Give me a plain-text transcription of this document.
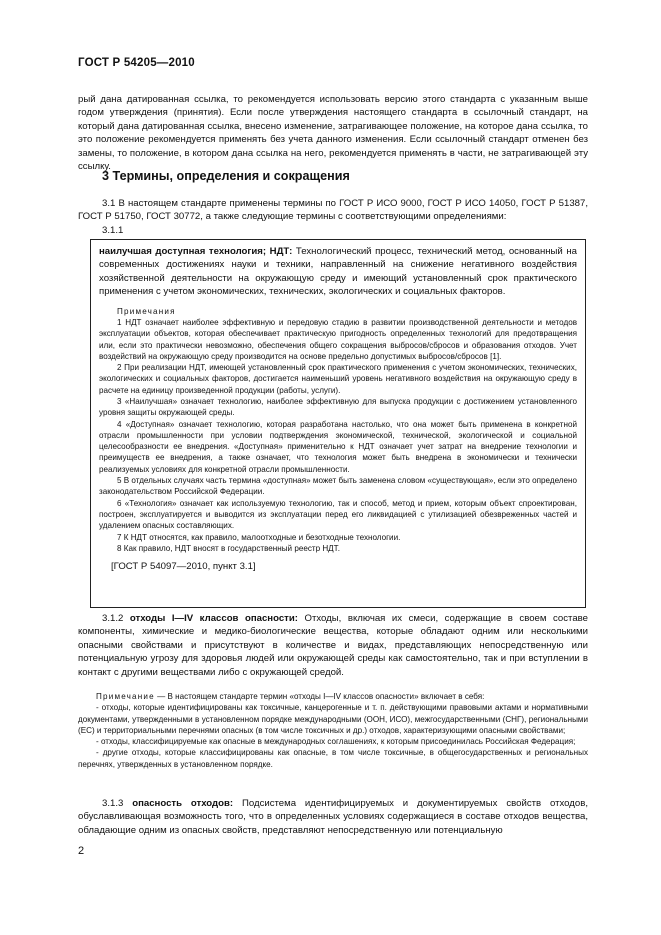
ГОСТ Р 54205—2010

рый дана датированная ссылка, то рекомендуется использовать версию этого стандарта с указанным выше годом утверждения (принятия). Если после утверждения настоящего стандарта в ссылочный стандарт, на который дана датированная ссылка, внесено изменение, затрагивающее положение, на которое дана ссылка, то это положение рекомендуется применять без учета данного изменения. Если ссылочный стандарт отменен без замены, то положение, в котором дана ссылка на него, рекомендуется применять в части, не затрагивающей эту ссылку.

3 Термины, определения и сокращения

3.1 В настоящем стандарте применены термины по ГОСТ Р ИСО 9000, ГОСТ Р ИСО 14050, ГОСТ Р 51387, ГОСТ Р 51750, ГОСТ 30772, а также следующие термины с соответствующими определениями:

3.1.1

наилучшая доступная технология; НДТ: Технологический процесс, технический метод, основанный на современных достижениях науки и техники, направленный на снижение негативного воздействия хозяйственной деятельности на окружающую среду и имеющий установленный срок практического применения с учетом экономических, технических, экологических и социальных факторов.

Примечания

1 НДТ означает наиболее эффективную и передовую стадию в развитии производственной деятельности и методов эксплуатации объектов, которая обеспечивает практическую пригодность определенных технологий для предотвращения или, если это практически невозможно, обеспечения общего сокращения выбросов/сбросов и образования отходов. Учет воздействий на окружающую среду производится на основе предельно допустимых выбросов/сбросов [1].

2 При реализации НДТ, имеющей установленный срок практического применения с учетом экономических, технических, экологических и социальных факторов, достигается наименьший уровень негативного воздействия на окружающую среду в расчете на единицу произведенной продукции (работы, услуги).

3 «Наилучшая» означает технологию, наиболее эффективную для выпуска продукции с достижением установленного уровня защиты окружающей среды.

4 «Доступная» означает технологию, которая разработана настолько, что она может быть применена в конкретной отрасли промышленности при условии подтверждения экономической, технической, экологической и социальной целесообразности ее внедрения. «Доступная» применительно к НДТ означает учет затрат на внедрение технологии и преимуществ ее внедрения, а также означает, что технология может быть внедрена в экономически и технически реализуемых условиях для конкретной отрасли промышленности.

5 В отдельных случаях часть термина «доступная» может быть заменена словом «существующая», если это определено законодательством Российской Федерации.

6 «Технология» означает как используемую технологию, так и способ, метод и прием, которым объект спроектирован, построен, эксплуатируется и выводится из эксплуатации перед его ликвидацией с утилизацией обезвреженных частей и удалением опасных составляющих.

7 К НДТ относятся, как правило, малоотходные и безотходные технологии.

8 Как правило, НДТ вносят в государственный реестр НДТ.

[ГОСТ Р 54097—2010, пункт 3.1]

3.1.2 отходы I—IV классов опасности: Отходы, включая их смеси, содержащие в своем составе компоненты, химические и медико-биологические вещества, которые обладают одним или несколькими опасными свойствами и присутствуют в количестве и видах, представляющих непосредственную или потенциальную угрозу для здоровья людей или окружающей среды как самостоятельно, так и при вступлении в контакт с другими веществами либо с окружающей средой.

Примечание — В настоящем стандарте термин «отходы I—IV классов опасности» включает в себя:

- отходы, которые идентифицированы как токсичные, канцерогенные и т. п. действующими правовыми актами и нормативными документами, утвержденными в установленном порядке международными (ООН, ИСО), межгосударственными (СНГ), региональными (ЕС) и территориальными перечнями опасных (в том числе токсичных и др.) отходов, характеризующими опасными свойствами;

- отходы, классифицируемые как опасные в международных соглашениях, к которым присоединилась Российская Федерация;

- другие отходы, которые классифицированы как опасные, в том числе токсичные, в общегосударственных и региональных перечнях, утвержденных в установленном порядке.

3.1.3 опасность отходов: Подсистема идентифицируемых и документируемых свойств отходов, обуславливающая возможность того, что в определенных условиях содержащиеся в составе отходов вещества, обладающие одним из опасных свойств, представляют непосредственную или потенциальную

2
